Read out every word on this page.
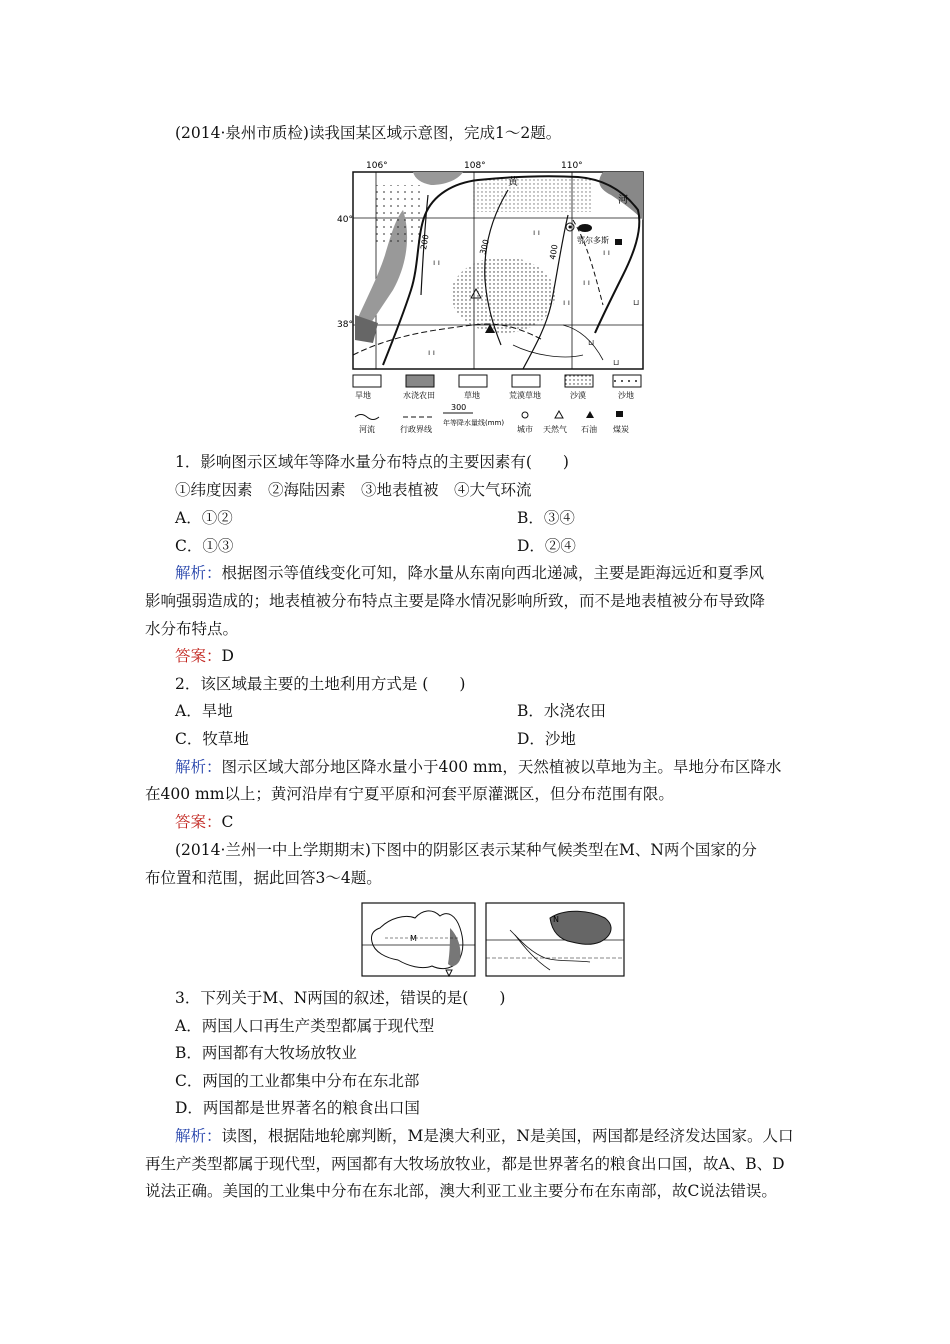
(2014·泉州市质检)读我国某区域示意图，完成1～2题。
106°	108°	110°
40°
38°
200	300	400
黄
河
鄂尔多斯
ı ı
ı ı
ı ı
ı ı
ı ı
ı ı	⊔
⊔
⊔
旱地	水浇农田	草地	荒漠草地	沙漠	沙地
300
河流	行政界线
年等降水量线(mm)
城市 天然气 石油 煤炭
1．影响图示区域年等降水量分布特点的主要因素有(　　)
①纬度因素　②海陆因素　③地表植被　④大气环流
A．①②	B．③④
C．①③	D．②④
解析：根据图示等值线变化可知，降水量从东南向西北递减，主要是距海远近和夏季风
影响强弱造成的；地表植被分布特点主要是降水情况影响所致，而不是地表植被分布导致降
水分布特点。
答案：D
2．该区域最主要的土地利用方式是 (　　)
A．旱地	B．水浇农田
C．牧草地	D．沙地
解析：图示区域大部分地区降水量小于400 mm，天然植被以草地为主。旱地分布区降水
在400 mm以上；黄河沿岸有宁夏平原和河套平原灌溉区，但分布范围有限。
答案：C
(2014·兰州一中上学期期末)下图中的阴影区表示某种气候类型在M、N两个国家的分
布位置和范围，据此回答3～4题。
M
N
3．下列关于M、N两国的叙述，错误的是(　　)
A．两国人口再生产类型都属于现代型
B．两国都有大牧场放牧业
C．两国的工业都集中分布在东北部
D．两国都是世界著名的粮食出口国
解析：读图，根据陆地轮廓判断，M是澳大利亚，N是美国，两国都是经济发达国家。人口
再生产类型都属于现代型，两国都有大牧场放牧业，都是世界著名的粮食出口国，故A、B、D
说法正确。美国的工业集中分布在东北部，澳大利亚工业主要分布在东南部，故C说法错误。
